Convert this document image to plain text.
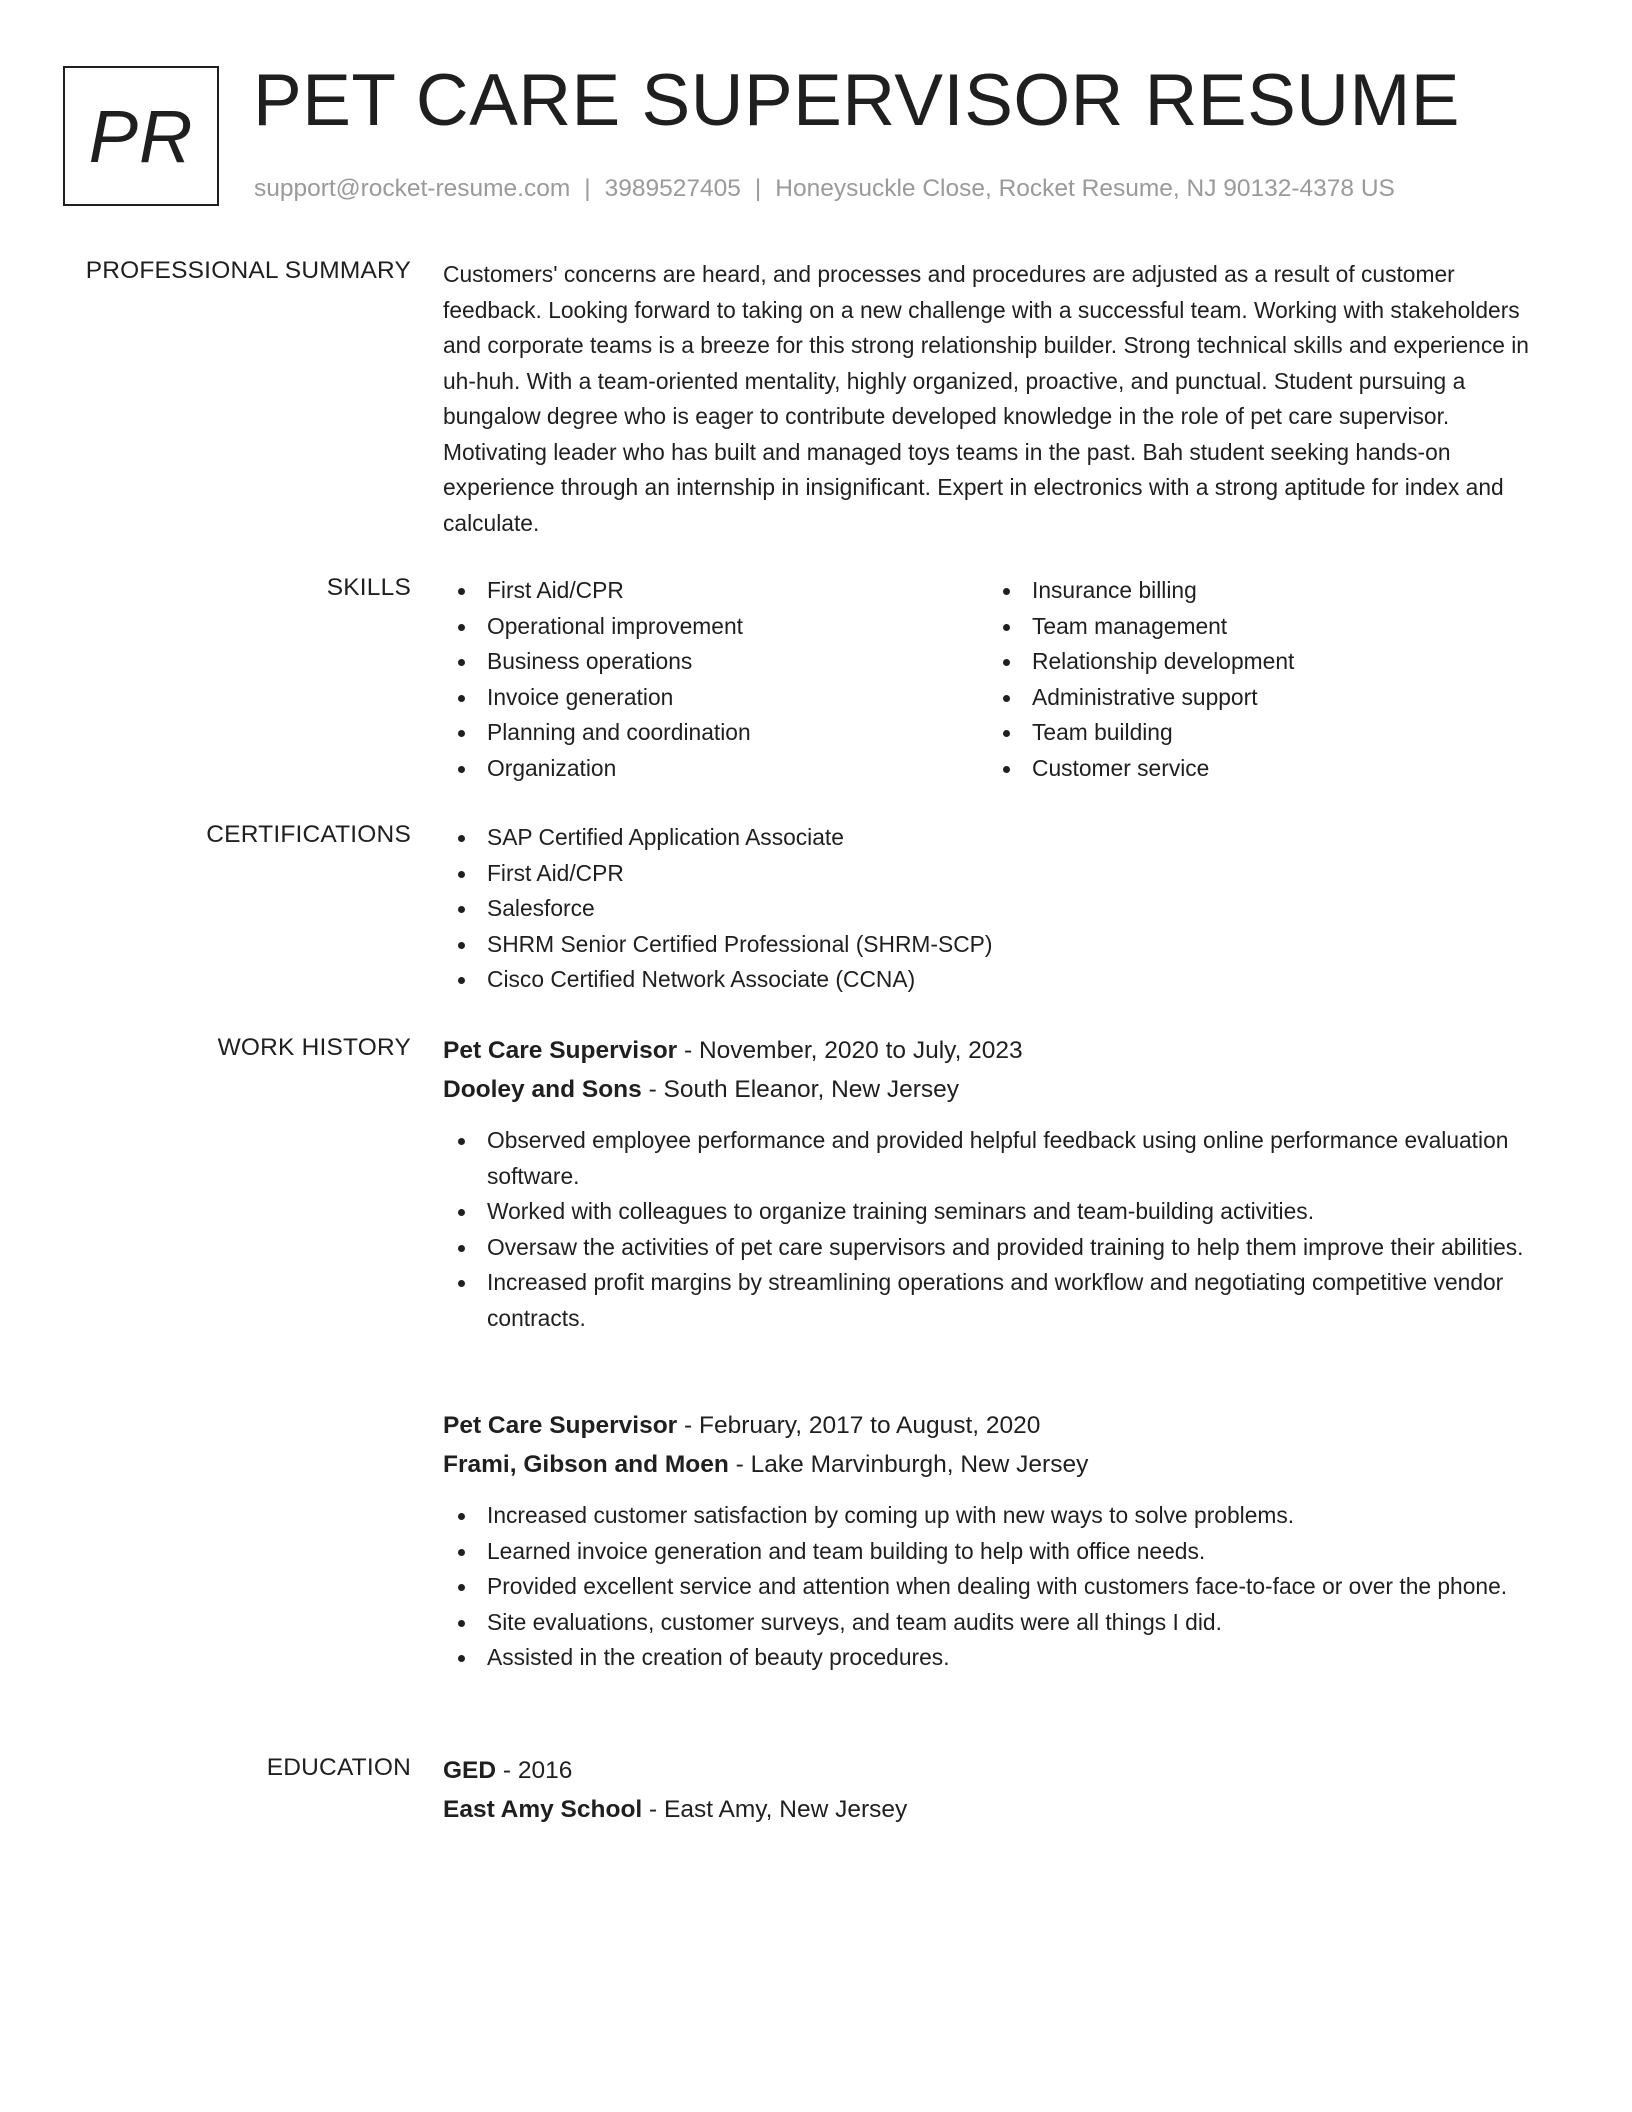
PR PET CARE SUPERVISOR RESUME
support@rocket-resume.com | 3989527405 | Honeysuckle Close, Rocket Resume, NJ 90132-4378 US
PROFESSIONAL SUMMARY Customers' concerns are heard, and processes and procedures are adjusted as a result of customer feedback. Looking forward to taking on a new challenge with a successful team. Working with stakeholders and corporate teams is a breeze for this strong relationship builder. Strong technical skills and experience in uh-huh. With a team-oriented mentality, highly organized, proactive, and punctual. Student pursuing a bungalow degree who is eager to contribute developed knowledge in the role of pet care supervisor. Motivating leader who has built and managed toys teams in the past. Bah student seeking hands-on experience through an internship in insignificant. Expert in electronics with a strong aptitude for index and calculate.
SKILLS	First Aid/CPR
Operational improvement
Business operations
Invoice generation
Planning and coordination
Organization
Insurance billing
Team management
Relationship development
Administrative support
Team building
Customer service
CERTIFICATIONS	SAP Certified Application Associate
First Aid/CPR
Salesforce
SHRM Senior Certified Professional (SHRM-SCP)
Cisco Certified Network Associate (CCNA)
WORK HISTORY Pet Care Supervisor - November, 2020 to July, 2023
Dooley and Sons - South Eleanor, New Jersey
Observed employee performance and provided helpful feedback using online performance evaluation software.
Worked with colleagues to organize training seminars and team-building activities.
Oversaw the activities of pet care supervisors and provided training to help them improve their abilities.
Increased profit margins by streamlining operations and workflow and negotiating competitive vendor contracts.
Pet Care Supervisor - February, 2017 to August, 2020
Frami, Gibson and Moen - Lake Marvinburgh, New Jersey
Increased customer satisfaction by coming up with new ways to solve problems.
Learned invoice generation and team building to help with office needs.
Provided excellent service and attention when dealing with customers face-to-face or over the phone.
Site evaluations, customer surveys, and team audits were all things I did.
Assisted in the creation of beauty procedures.
EDUCATION GED - 2016
East Amy School - East Amy, New Jersey
